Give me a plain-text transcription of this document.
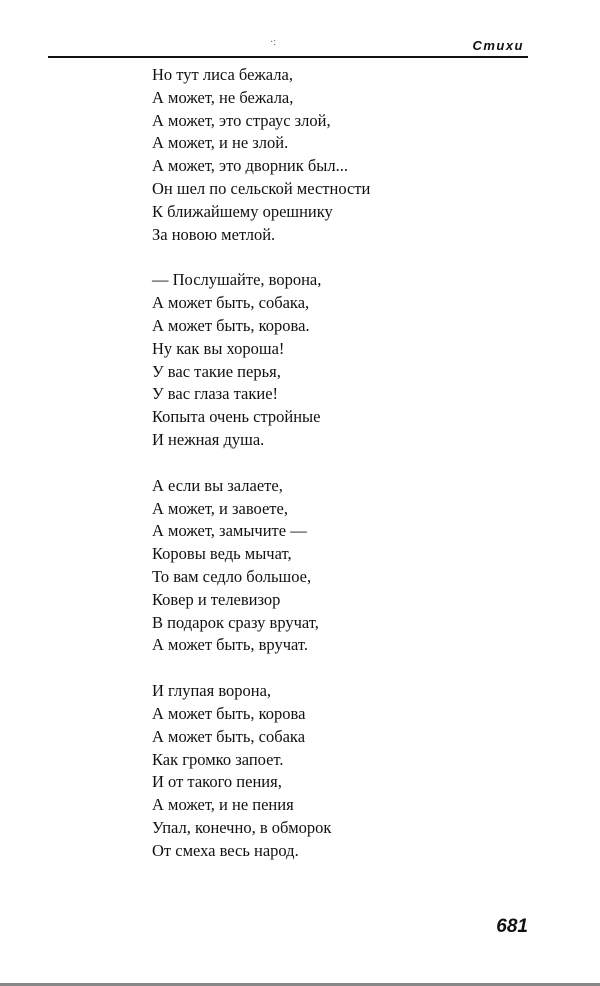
·:	Стихи
Но тут лиса бежала,
А может, не бежала,
А может, это страус злой,
А может, и не злой.
А может, это дворник был...
Он шел по сельской местности
К ближайшему орешнику
За новою метлой.
— Послушайте, ворона,
А может быть, собака,
А может быть, корова.
Ну как вы хороша!
У вас такие перья,
У вас глаза такие!
Копыта очень стройные
И нежная душа.
А если вы залаете,
А может, и завоете,
А может, замычите —
Коровы ведь мычат,
То вам седло большое,
Ковер и телевизор
В подарок сразу вручат,
А может быть, вручат.
И глупая ворона,
А может быть, корова
А может быть, собака
Как громко запоет.
И от такого пения,
А может, и не пения
Упал, конечно, в обморок
От смеха весь народ.
681
